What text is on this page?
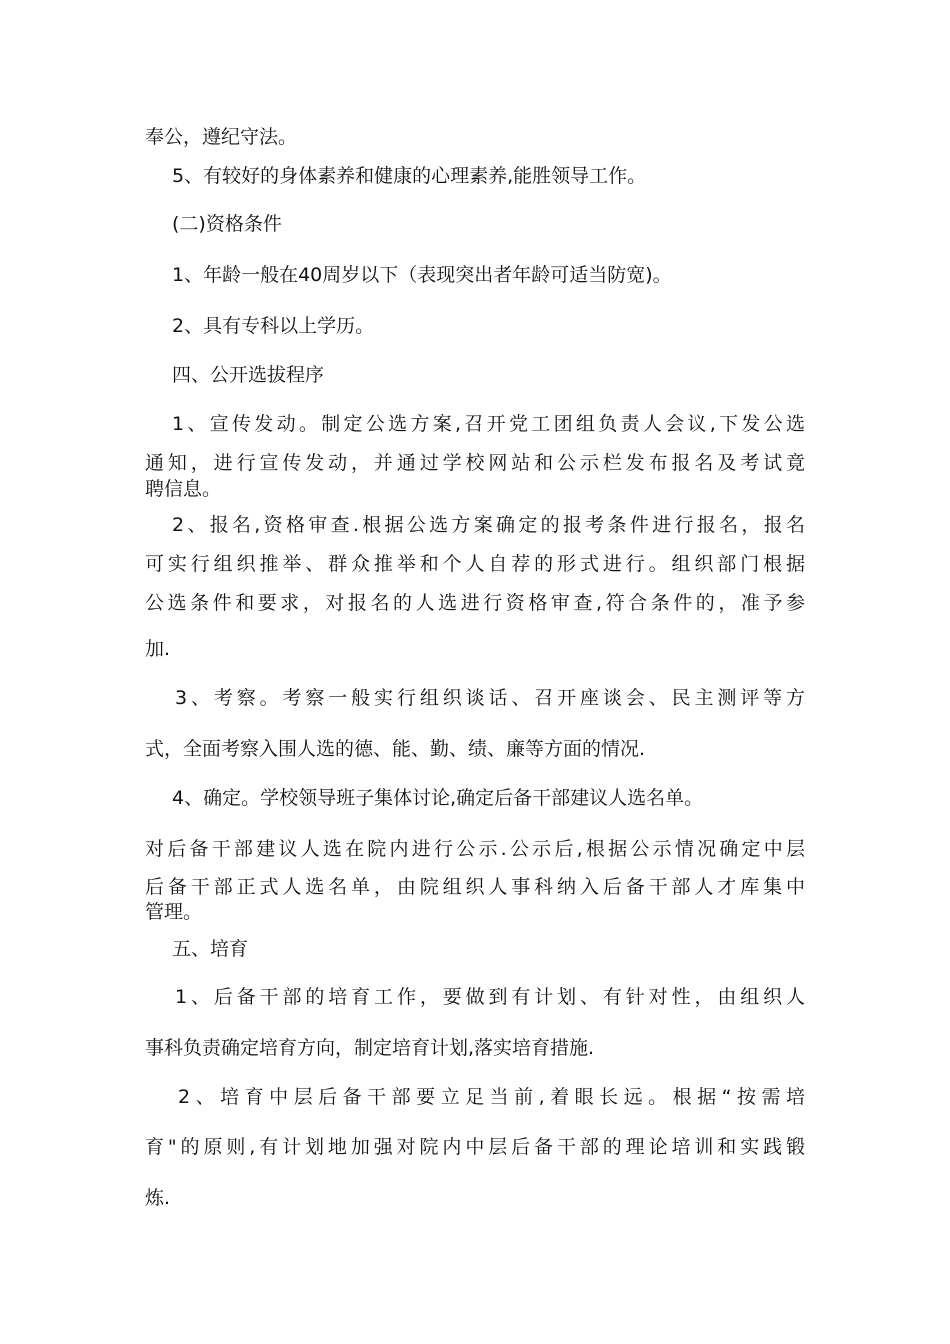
奉公，遵纪守法。
5、有较好的身体素养和健康的心理素养,能胜领导工作。
(二)资格条件
1、年龄一般在40周岁以下（表现突出者年龄可适当防宽)。
2、具有专科以上学历。
四、公开选拔程序
1、宣传发动。制定公选方案,召开党工团组负责人会议,下发公选
通知，进行宣传发动，并通过学校网站和公示栏发布报名及考试竟
聘信息。
2、报名,资格审查.根据公选方案确定的报考条件进行报名，报名
可实行组织推举、群众推举和个人自荐的形式进行。组织部门根据
公选条件和要求，对报名的人选进行资格审查,符合条件的，准予参
加.
3、考察。考察一般实行组织谈话、召开座谈会、民主测评等方
式，全面考察入围人选的德、能、勤、绩、廉等方面的情况.
4、确定。学校领导班子集体讨论,确定后备干部建议人选名单。
对后备干部建议人选在院内进行公示.公示后,根据公示情况确定中层
后备干部正式人选名单，由院组织人事科纳入后备干部人才库集中
管理。
五、培育
1、后备干部的培育工作，要做到有计划、有针对性，由组织人
事科负责确定培育方向，制定培育计划,落实培育措施.
2、培育中层后备干部要立足当前,着眼长远。根据“按需培
育"的原则,有计划地加强对院内中层后备干部的理论培训和实践锻
炼.
